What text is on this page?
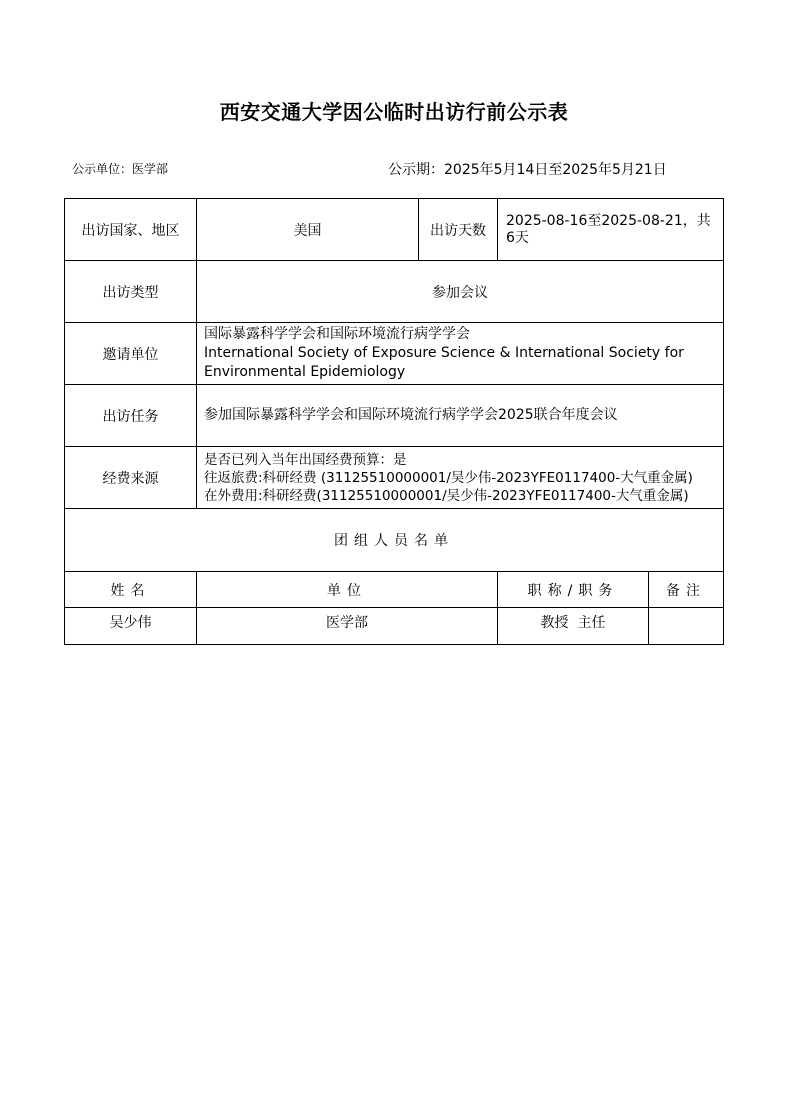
西安交通大学因公临时出访行前公示表
公示单位：医学部	公示期：2025年5月14日至2025年5月21日
出访国家、地区	美国	出访天数	2025-08-16至2025-08-21，共6天	
出访类型	参加会议			
邀请单位	国际暴露科学学会和国际环境流行病学学会
International Society of Exposure Science & International Society for
Environmental Epidemiology			

出访任务	参加国际暴露科学学会和国际环境流行病学学会2025联合年度会议			
经费来源	是否已列入当年出国经费预算：是
往返旅费:科研经费 (31125510000001/吴少伟-2023YFE0117400-大气重金属)
在外费用:科研经费(31125510000001/吴少伟-2023YFE0117400-大气重金属)			

团组人员名单				
姓名	单位		职称/职务	备注
吴少伟	医学部		教授  主任	
